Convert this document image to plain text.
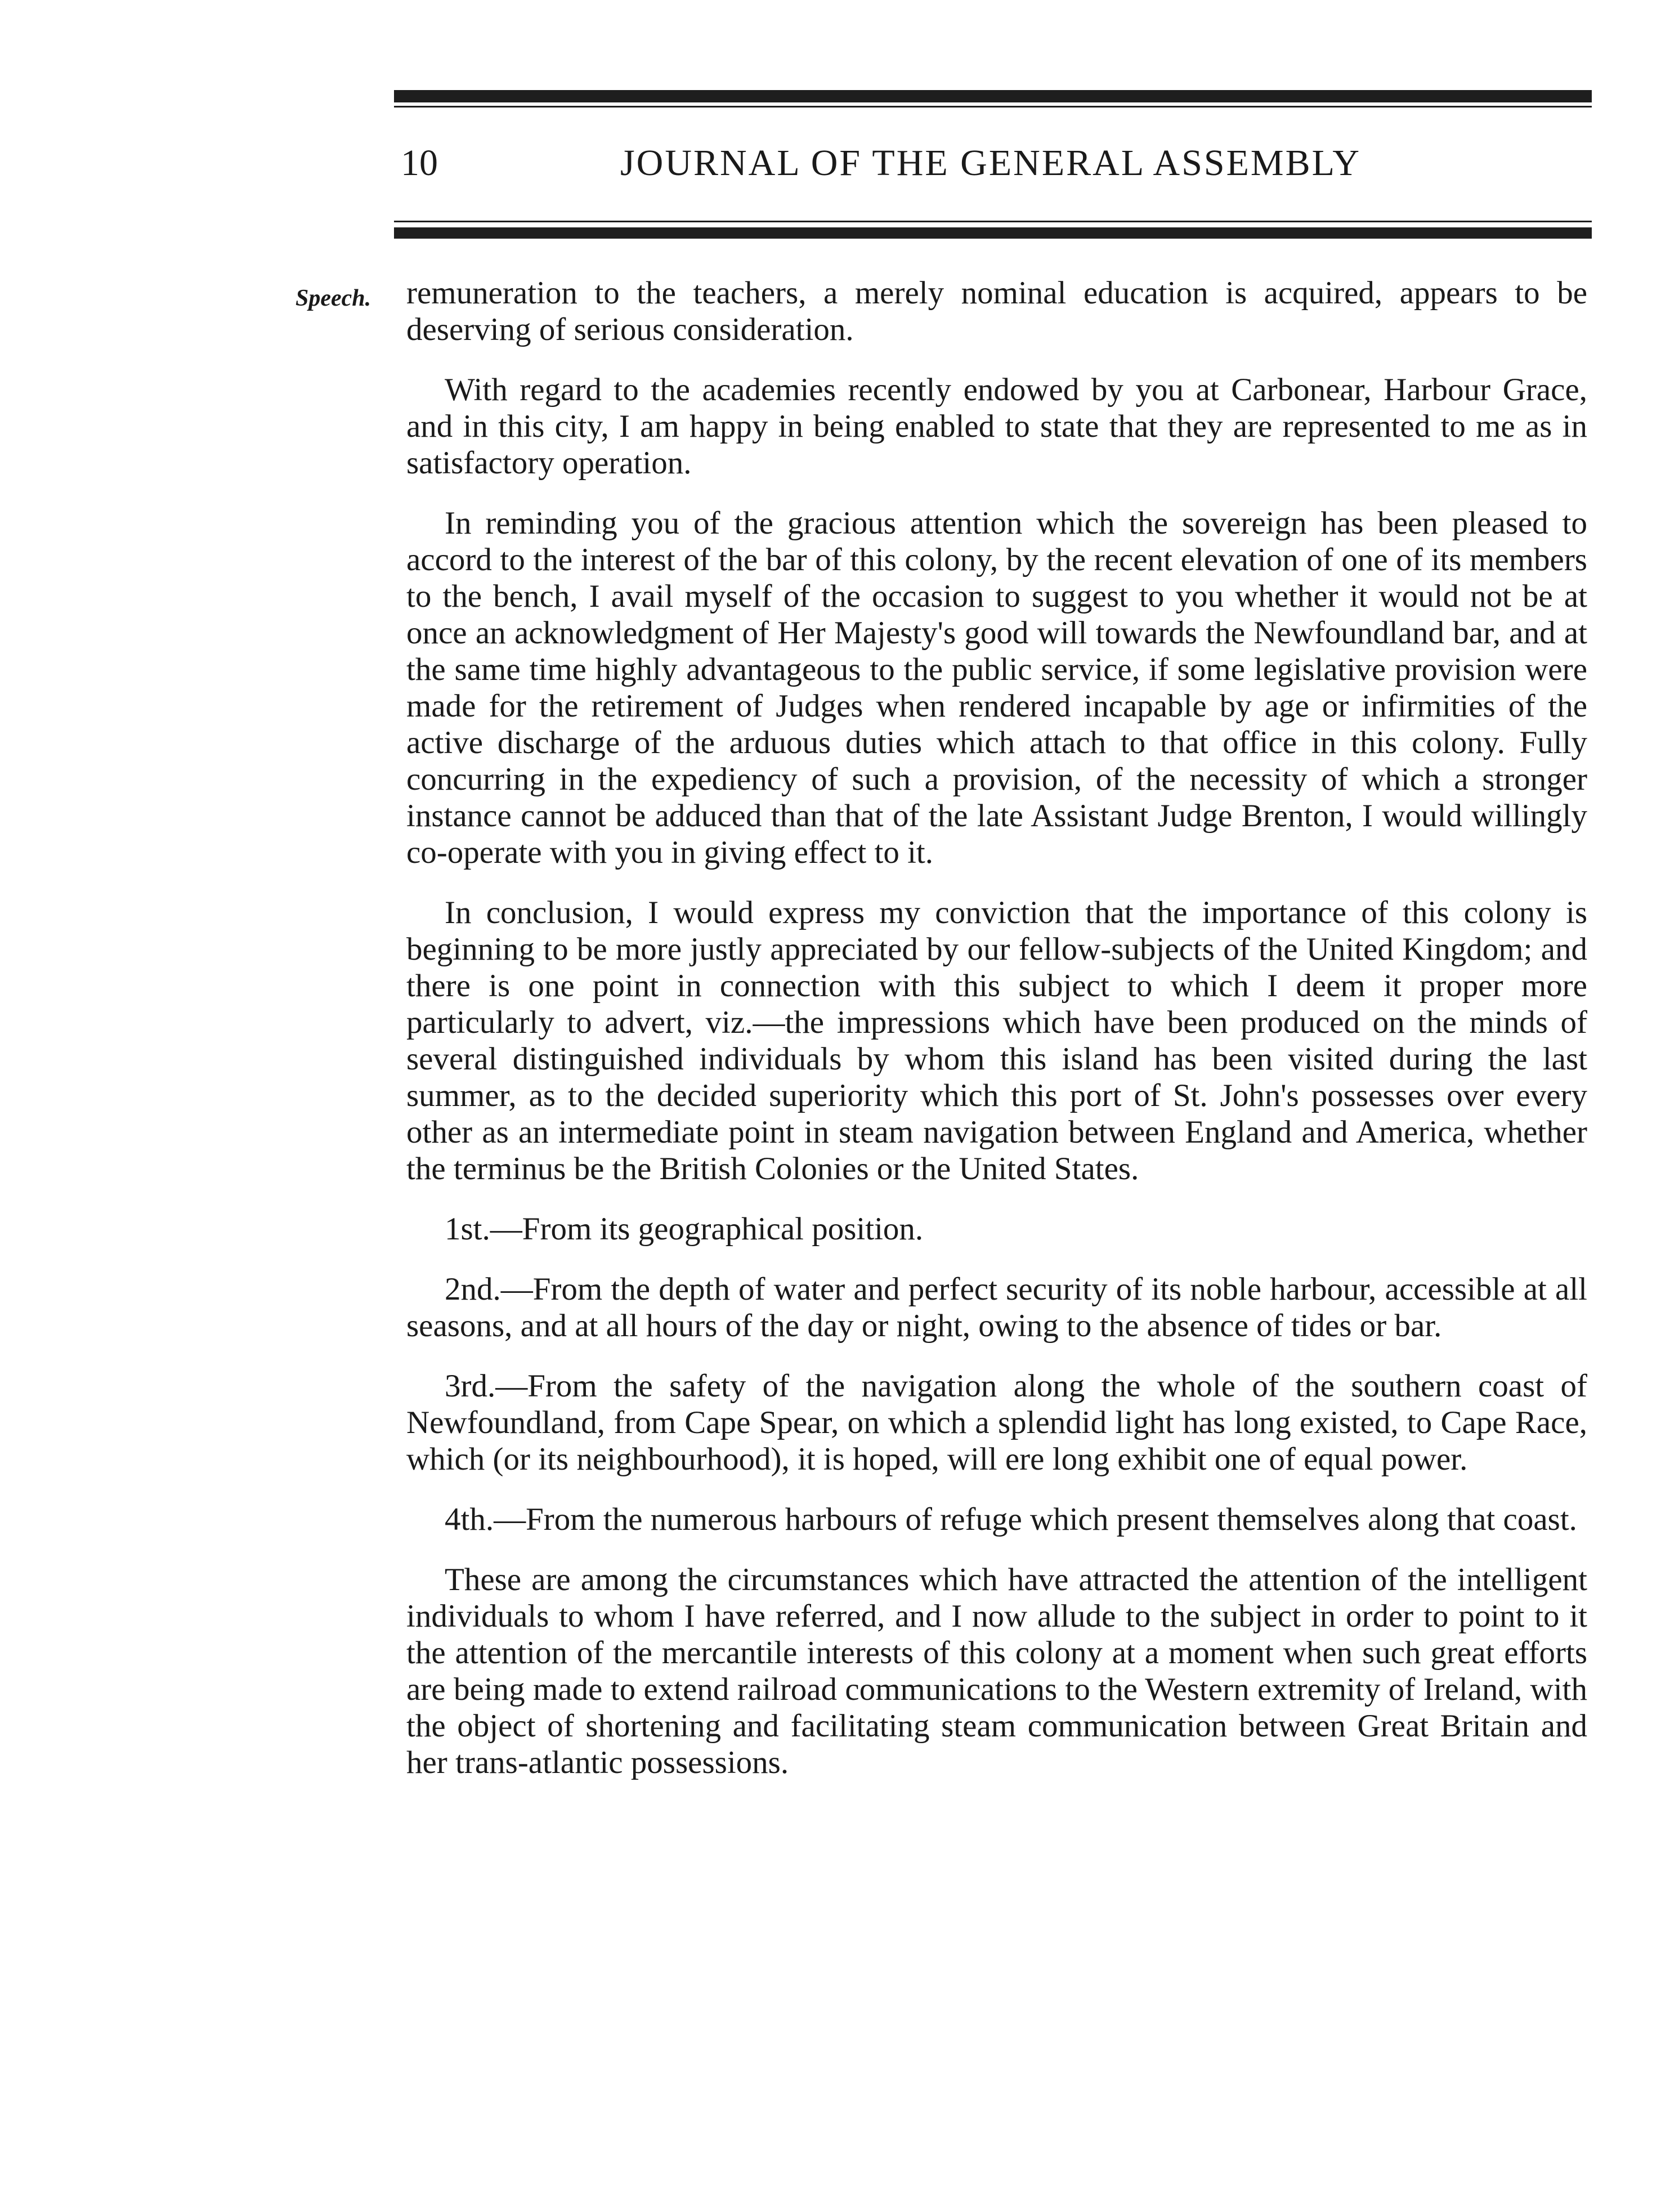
10	JOURNAL OF THE GENERAL ASSEMBLY
Speech. remuneration to the teachers, a merely nominal education is acquired, appears to be deserving of serious consideration.

With regard to the academies recently endowed by you at Carbonear, Harbour Grace, and in this city, I am happy in being enabled to state that they are represented to me as in satisfactory operation.

In reminding you of the gracious attention which the sovereign has been pleased to accord to the interest of the bar of this colony, by the recent elevation of one of its members to the bench, I avail myself of the occasion to suggest to you whether it would not be at once an acknowledgment of Her Majesty's good will towards the Newfoundland bar, and at the same time highly advantageous to the public service, if some legislative provision were made for the retirement of Judges when rendered incapable by age or infirmities of the active discharge of the arduous duties which attach to that office in this colony. Fully concurring in the expediency of such a provision, of the necessity of which a stronger instance cannot be adduced than that of the late Assistant Judge Brenton, I would willingly co-operate with you in giving effect to it.

In conclusion, I would express my conviction that the importance of this colony is beginning to be more justly appreciated by our fellow-subjects of the United Kingdom; and there is one point in connection with this subject to which I deem it proper more particularly to advert, viz.—the impressions which have been produced on the minds of several distinguished individuals by whom this island has been visited during the last summer, as to the decided superiority which this port of St. John's possesses over every other as an intermediate point in steam navigation between England and America, whether the terminus be the British Colonies or the United States.

1st.—From its geographical position.

2nd.—From the depth of water and perfect security of its noble harbour, accessible at all seasons, and at all hours of the day or night, owing to the absence of tides or bar.

3rd.—From the safety of the navigation along the whole of the southern coast of Newfoundland, from Cape Spear, on which a splendid light has long existed, to Cape Race, which (or its neighbourhood), it is hoped, will ere long exhibit one of equal power.

4th.—From the numerous harbours of refuge which present themselves along that coast.

These are among the circumstances which have attracted the attention of the intelligent individuals to whom I have referred, and I now allude to the subject in order to point to it the attention of the mercantile interests of this colony at a moment when such great efforts are being made to extend railroad communications to the Western extremity of Ireland, with the object of shortening and facilitating steam communication between Great Britain and her trans-atlantic possessions.
